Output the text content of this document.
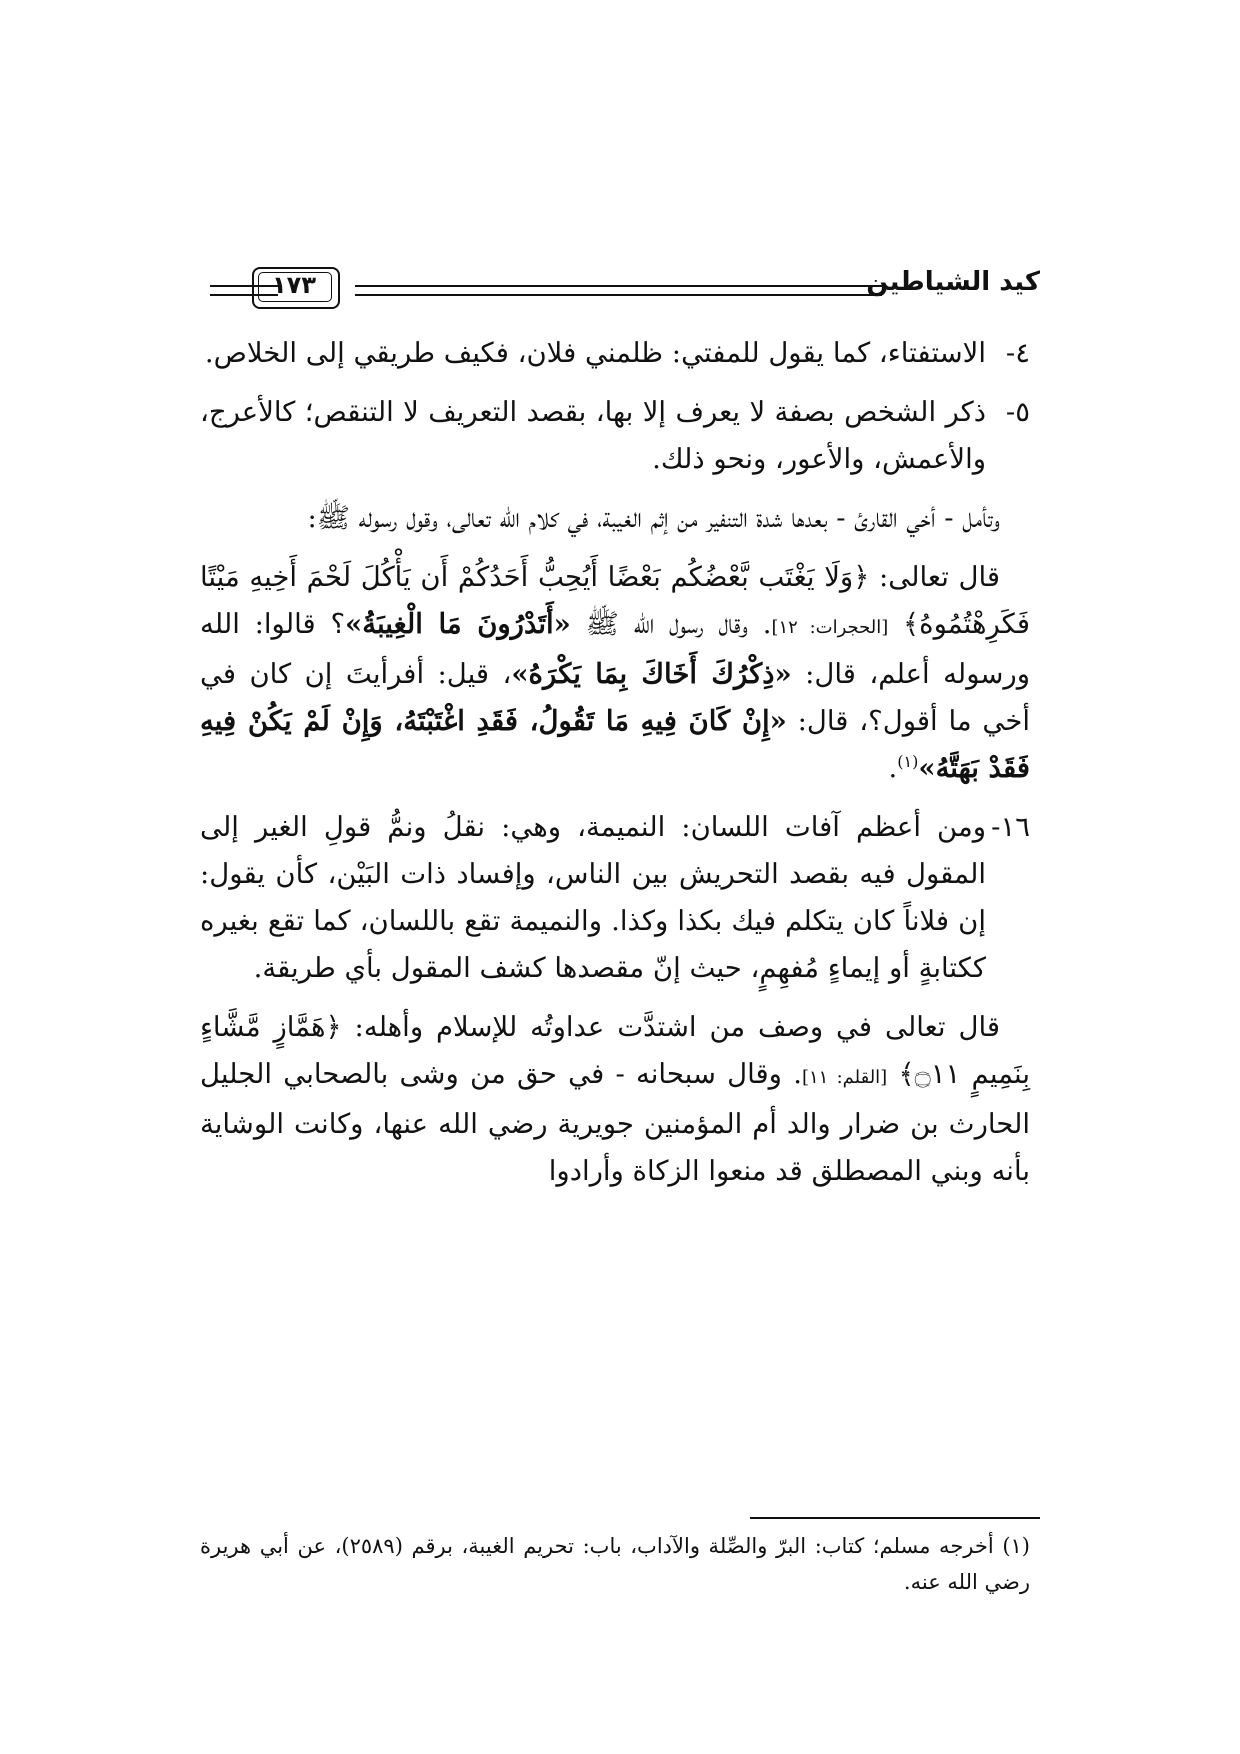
كيد الشياطين
١٧٣
٤-
الاستفتاء، كما يقول للمفتي: ظلمني فلان، فكيف طريقي إلى الخلاص.
٥-
ذكر الشخص بصفة لا يعرف إلا بها، بقصد التعريف لا التنقص؛ كالأعرج، والأعمش، والأعور، ونحو ذلك.

وتأمل - أخي القارئ - بعدها شدة التنفير من إثم الغيبة، في كلام الله تعالى، وقول رسوله ﷺ:

قال تعالى: ﴿وَلَا يَغْتَب بَّعْضُكُم بَعْضًا أَيُحِبُّ أَحَدُكُمْ أَن يَأْكُلَ لَحْمَ أَخِيهِ مَيْتًا فَكَرِهْتُمُوهُ﴾ [الحجرات: ١٢]. وقال رسول الله ﷺ «أَتَدْرُونَ مَا الْغِيبَةُ»؟ قالوا: الله ورسوله أعلم، قال: «ذِكْرُكَ أَخَاكَ بِمَا يَكْرَهُ»، قيل: أفرأيتَ إن كان في أخي ما أقول؟، قال: «إِنْ كَانَ فِيهِ مَا تَقُولُ، فَقَدِ اغْتَبْتَهُ، وَإِنْ لَمْ يَكُنْ فِيهِ فَقَدْ بَهَتَّهُ»$^{(١)}$.

١٦-
ومن أعظم آفات اللسان: النميمة، وهي: نقلُ ونمُّ قولِ الغير إلى المقول فيه بقصد التحريش بين الناس، وإفساد ذات البَيْن، كأن يقول: إن فلاناً كان يتكلم فيك بكذا وكذا. والنميمة تقع باللسان، كما تقع بغيره ككتابةٍ أو إيماءٍ مُفهِمٍ، حيث إنّ مقصدها كشف المقول بأي طريقة.

قال تعالى في وصف من اشتدَّت عداوتُه للإسلام وأهله: ﴿هَمَّازٍ مَّشَّاءٍ بِنَمِيمٍ ۝١١﴾ [القلم: ١١]. وقال سبحانه - في حق من وشى بالصحابي الجليل الحارث بن ضرار والد أم المؤمنين جويرية رضي الله عنها، وكانت الوشاية بأنه وبني المصطلق قد منعوا الزكاة وأرادوا

(١) أخرجه مسلم؛ كتاب: البرّ والصِّلة والآداب، باب: تحريم الغيبة، برقم (٢٥٨٩)، عن أبي هريرة رضي الله عنه.
